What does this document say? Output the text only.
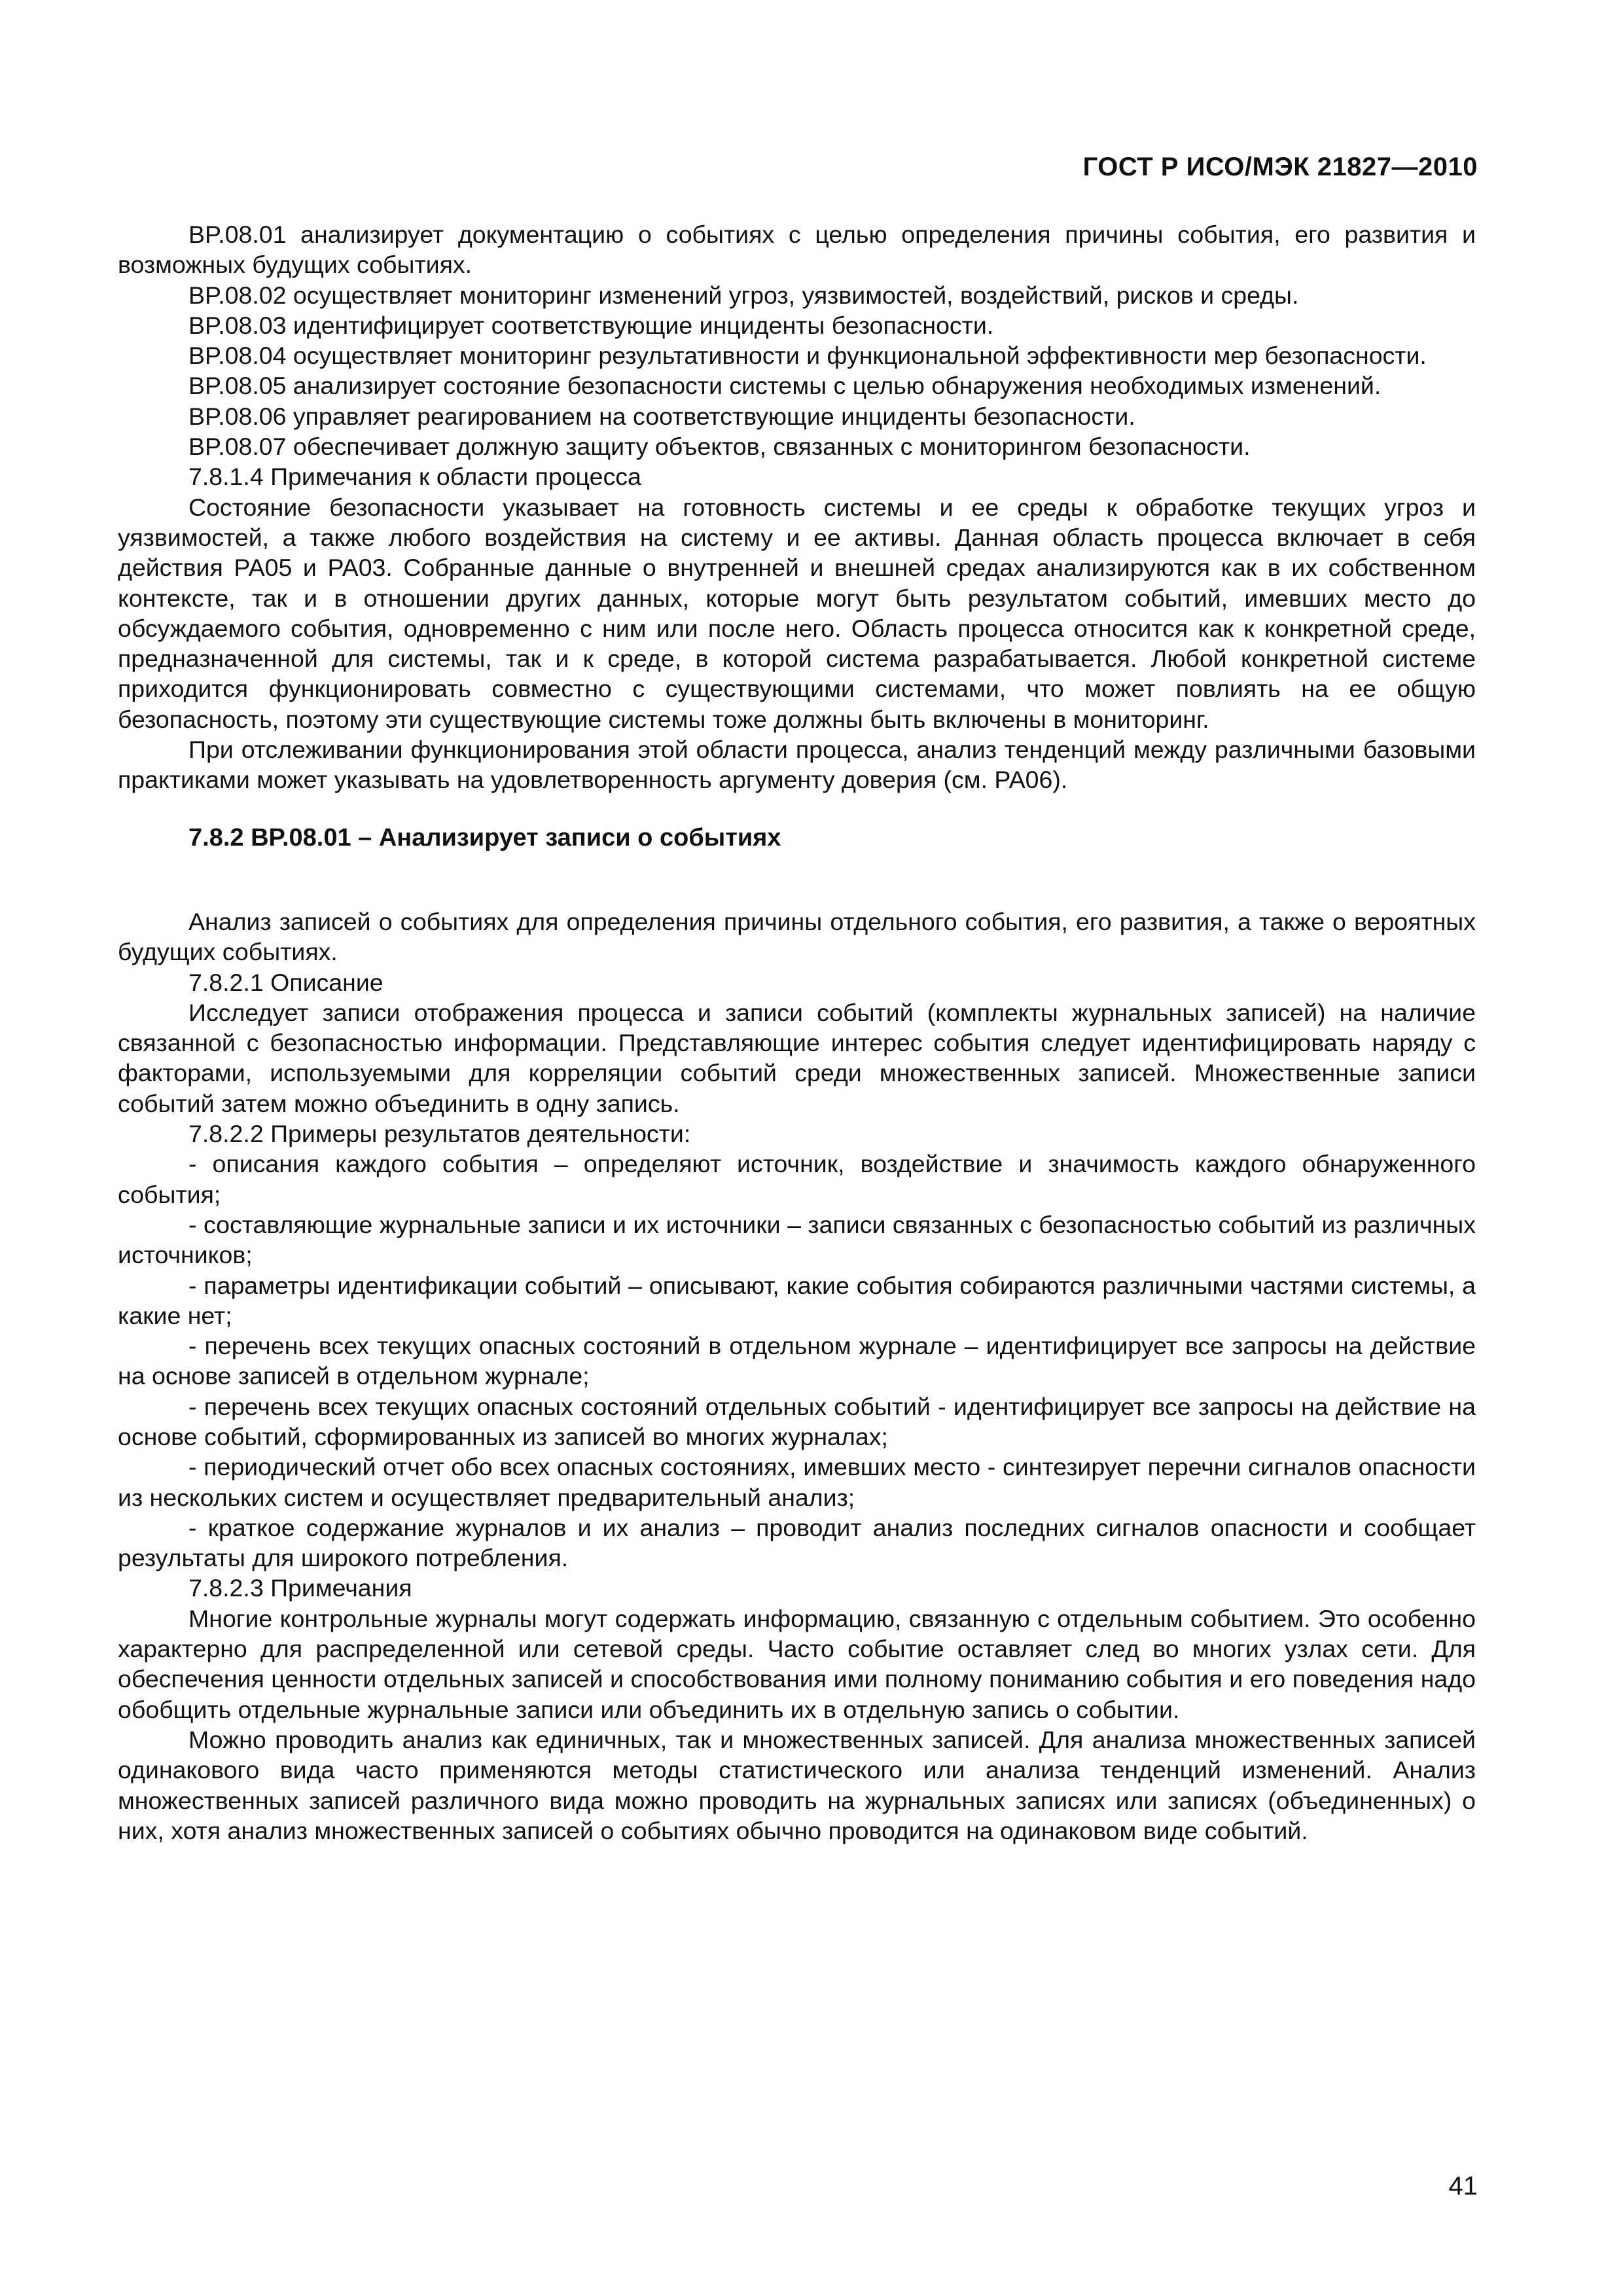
ГОСТ Р ИСО/МЭК 21827—2010

BP.08.01 анализирует документацию о событиях с целью определения причины события, его развития и возможных будущих событиях.

BP.08.02 осуществляет мониторинг изменений угроз, уязвимостей, воздействий, рисков и среды.

BP.08.03 идентифицирует соответствующие инциденты безопасности.

BP.08.04 осуществляет мониторинг результативности и функциональной эффективности мер безопасности.

BP.08.05 анализирует состояние безопасности системы с целью обнаружения необходимых изменений.

BP.08.06 управляет реагированием на соответствующие инциденты безопасности.

BP.08.07 обеспечивает должную защиту объектов, связанных с мониторингом безопасности.

7.8.1.4 Примечания к области процесса

Состояние безопасности указывает на готовность системы и ее среды к обработке текущих угроз и уязвимостей, а также любого воздействия на систему и ее активы. Данная область процесса включает в себя действия PA05 и PA03. Собранные данные о внутренней и внешней средах анализируются как в их собственном контексте, так и в отношении других данных, которые могут быть результатом событий, имевших место до обсуждаемого события, одновременно с ним или после него. Область процесса относится как к конкретной среде, предназначенной для системы, так и к среде, в которой система разрабатывается. Любой конкретной системе приходится функционировать совместно с существующими системами, что может повлиять на ее общую безопасность, поэтому эти существующие системы тоже должны быть включены в мониторинг.

При отслеживании функционирования этой области процесса, анализ тенденций между различными базовыми практиками может указывать на удовлетворенность аргументу доверия (см. PA06).

7.8.2 BP.08.01 – Анализирует записи о событиях

Анализ записей о событиях для определения причины отдельного события, его развития, а также о вероятных будущих событиях.

7.8.2.1 Описание

Исследует записи отображения процесса и записи событий (комплекты журнальных записей) на наличие связанной с безопасностью информации. Представляющие интерес события следует идентифицировать наряду с факторами, используемыми для корреляции событий среди множественных записей. Множественные записи событий затем можно объединить в одну запись.

7.8.2.2 Примеры результатов деятельности:

- описания каждого события – определяют источник, воздействие и значимость каждого обнаруженного события;

- составляющие журнальные записи и их источники – записи связанных с безопасностью событий из различных источников;

- параметры идентификации событий – описывают, какие события собираются различными частями системы, а какие нет;

- перечень всех текущих опасных состояний в отдельном журнале – идентифицирует все запросы на действие на основе записей в отдельном журнале;

- перечень всех текущих опасных состояний отдельных событий - идентифицирует все запросы на действие на основе событий, сформированных из записей во многих журналах;

- периодический отчет обо всех опасных состояниях, имевших место - синтезирует перечни сигналов опасности из нескольких систем и осуществляет предварительный анализ;

- краткое содержание журналов и их анализ – проводит анализ последних сигналов опасности и сообщает результаты для широкого потребления.

7.8.2.3 Примечания

Многие контрольные журналы могут содержать информацию, связанную с отдельным событием. Это особенно характерно для распределенной или сетевой среды. Часто событие оставляет след во многих узлах сети. Для обеспечения ценности отдельных записей и способствования ими полному пониманию события и его поведения надо обобщить отдельные журнальные записи или объединить их в отдельную запись о событии.

Можно проводить анализ как единичных, так и множественных записей. Для анализа множественных записей одинакового вида часто применяются методы статистического или анализа тенденций изменений. Анализ множественных записей различного вида можно проводить на журнальных записях или записях (объединенных) о них, хотя анализ множественных записей о событиях обычно проводится на одинаковом виде событий.

41
